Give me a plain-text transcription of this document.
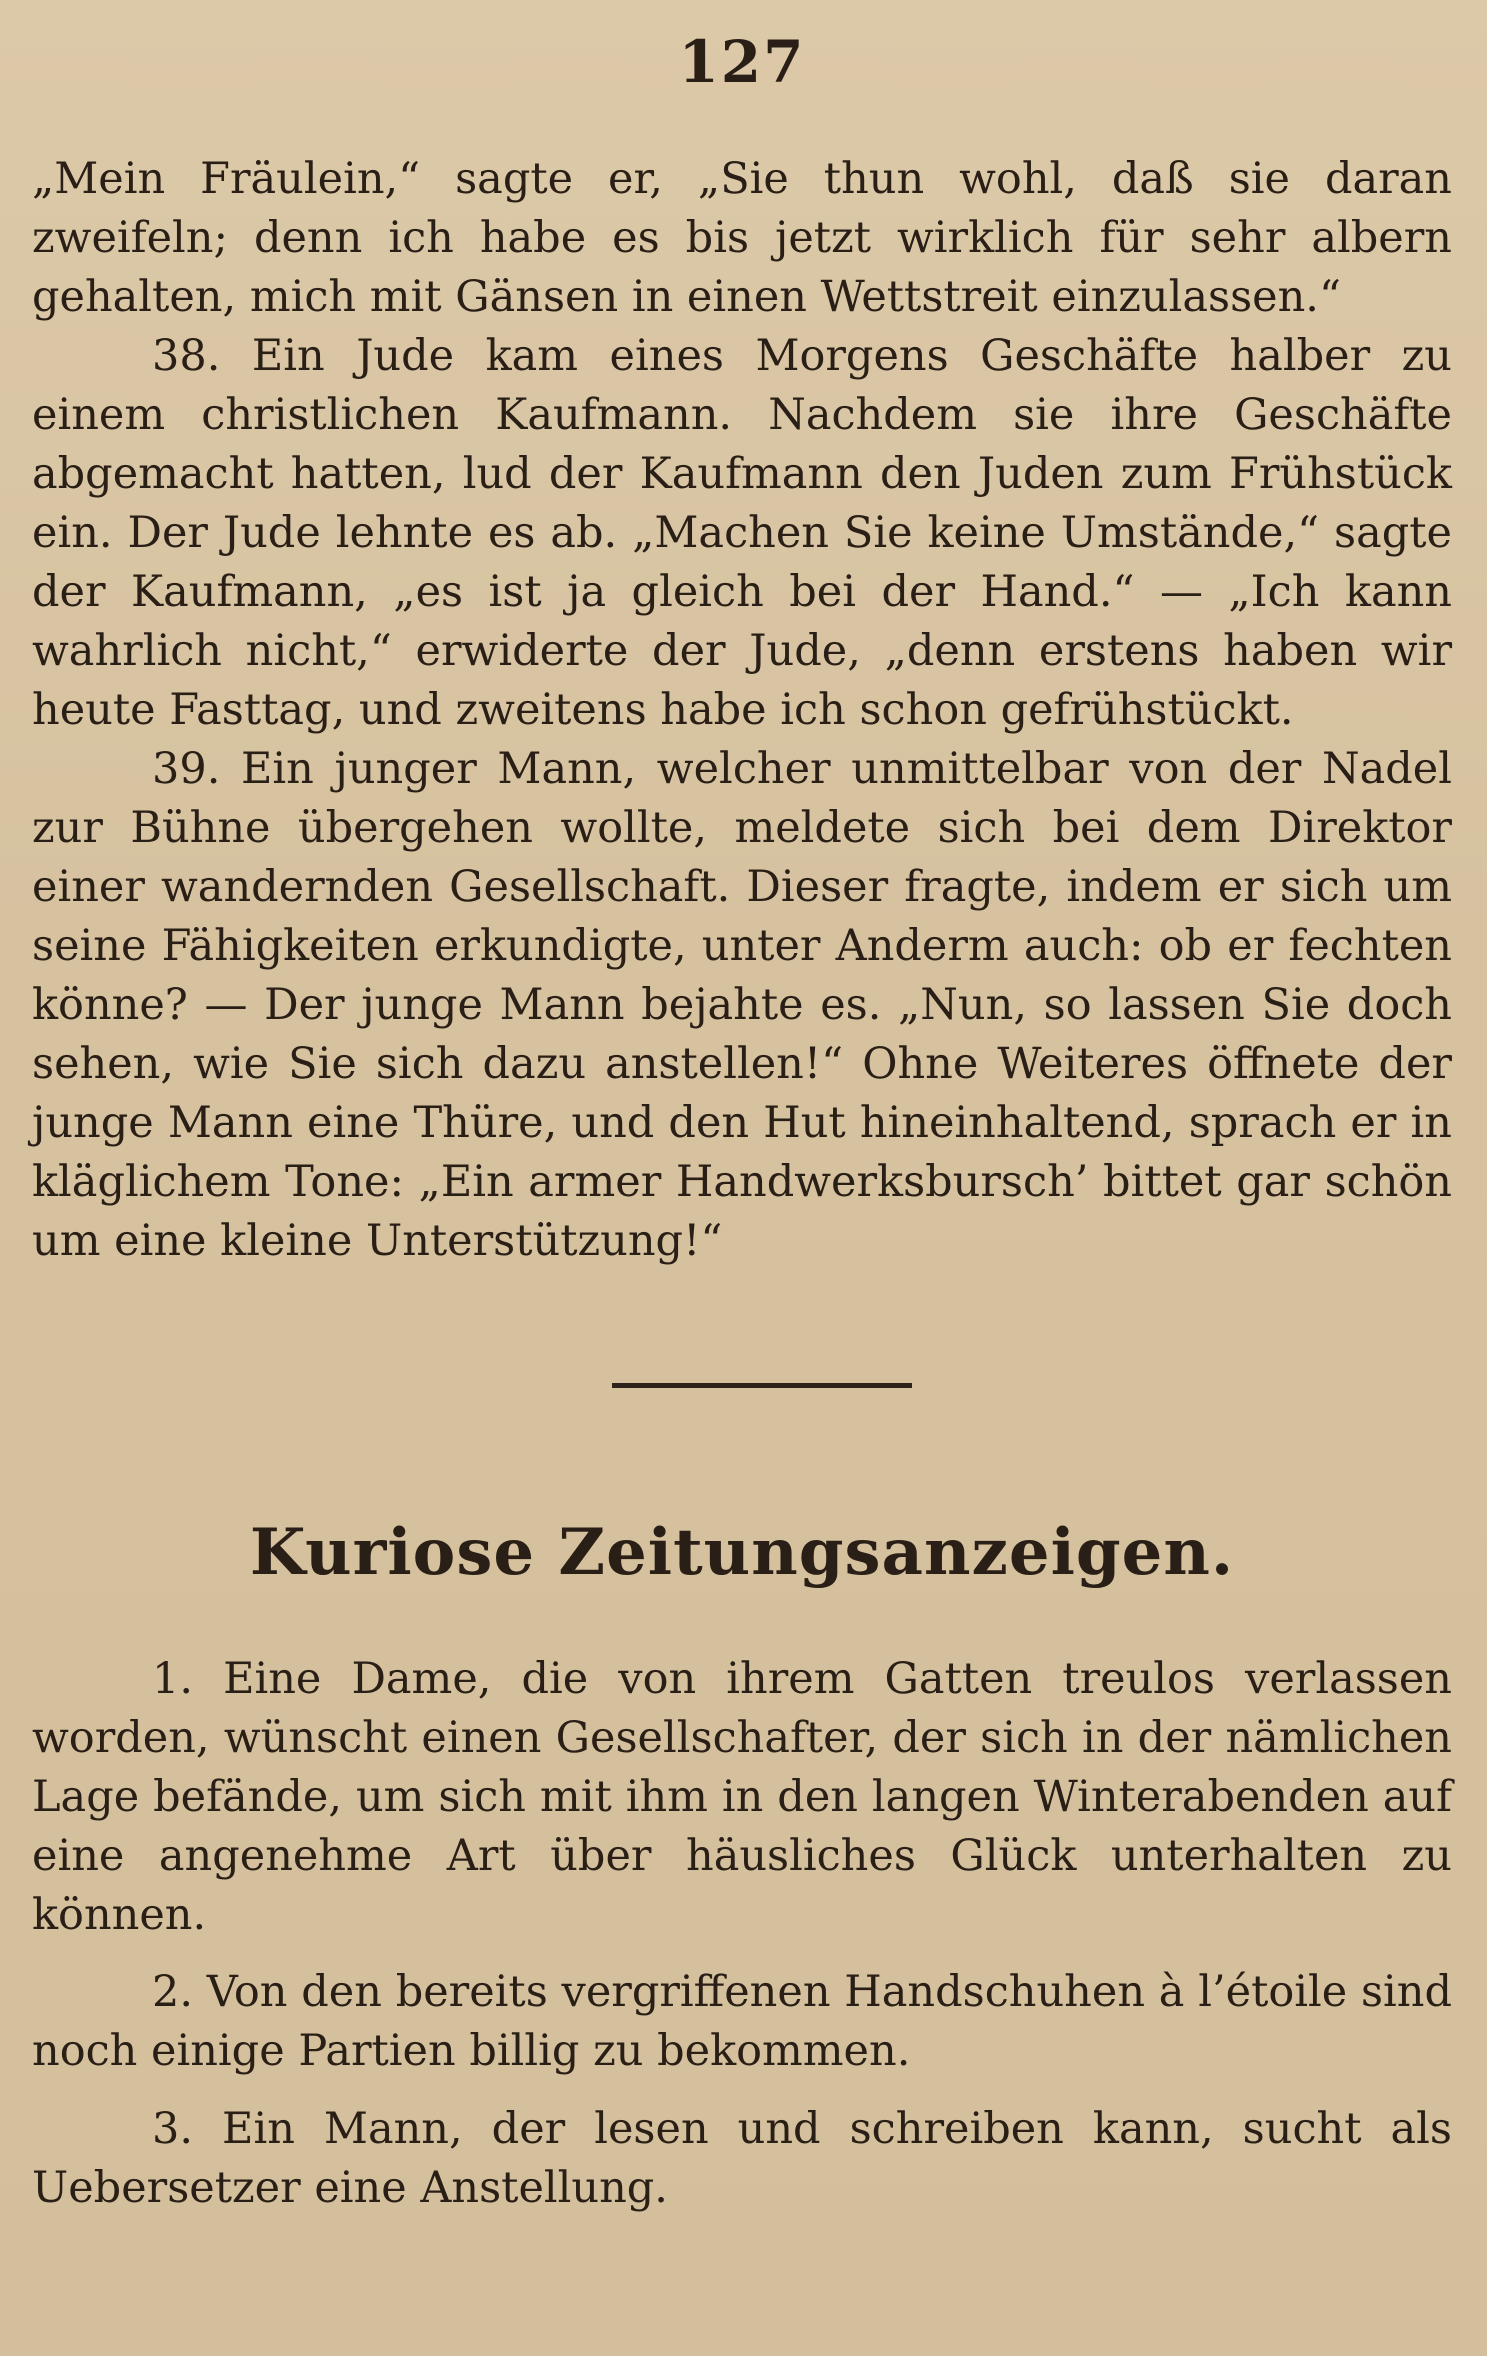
127

„Mein Fräulein,“ sagte er, „Sie thun wohl, daß sie daran zweifeln; denn ich habe es bis jetzt wirklich für sehr albern gehalten, mich mit Gänsen in einen Wettstreit einzulassen.“

38. Ein Jude kam eines Morgens Geschäfte halber zu einem christlichen Kaufmann. Nachdem sie ihre Geschäfte abgemacht hatten, lud der Kaufmann den Juden zum Frühstück ein. Der Jude lehnte es ab. „Machen Sie keine Umstände,“ sagte der Kaufmann, „es ist ja gleich bei der Hand.“ — „Ich kann wahrlich nicht,“ erwiderte der Jude, „denn erstens haben wir heute Fasttag, und zweitens habe ich schon gefrühstückt.

39. Ein junger Mann, welcher unmittelbar von der Nadel zur Bühne übergehen wollte, meldete sich bei dem Direktor einer wandernden Gesellschaft. Dieser fragte, indem er sich um seine Fähigkeiten erkundigte, unter Anderm auch: ob er fechten könne? — Der junge Mann bejahte es. „Nun, so lassen Sie doch sehen, wie Sie sich dazu anstellen!“ Ohne Weiteres öffnete der junge Mann eine Thüre, und den Hut hineinhaltend, sprach er in kläglichem Tone: „Ein armer Handwerksbursch’ bittet gar schön um eine kleine Unterstützung!“

Kuriose Zeitungsanzeigen.
1. Eine Dame, die von ihrem Gatten treulos verlassen worden, wünscht einen Gesellschafter, der sich in der nämlichen Lage befände, um sich mit ihm in den langen Winterabenden auf eine angenehme Art über häusliches Glück unterhalten zu können.
2. Von den bereits vergriffenen Handschuhen à l’étoile sind noch einige Partien billig zu bekommen.
3. Ein Mann, der lesen und schreiben kann, sucht als Uebersetzer eine Anstellung.
